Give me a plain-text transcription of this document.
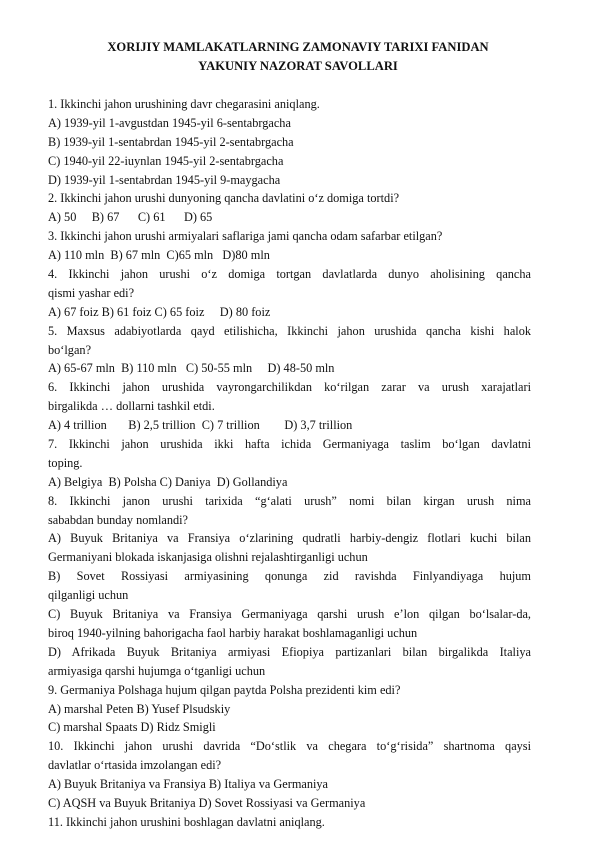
XORIJIY MAMLAKATLARNING ZAMONAVIY TARIXI FANIDAN
YAKUNIY NAZORAT SAVOLLARI
1. Ikkinchi jahon urushining davr chegarasini aniqlang.
A) 1939-yil 1-avgustdan 1945-yil 6-sentabrgacha
B) 1939-yil 1-sentabrdan 1945-yil 2-sentabrgacha
C) 1940-yil 22-iuynlan 1945-yil 2-sentabrgacha
D) 1939-yil 1-sentabrdan 1945-yil 9-maygacha
2. Ikkinchi jahon urushi dunyoning qancha davlatini o‘z domiga tortdi?
A) 50     B) 67      C) 61      D) 65
3. Ikkinchi jahon urushi armiyalari saflariga jami qancha odam safarbar etilgan?
A) 110 mln  B) 67 mln  C)65 mln   D)80 mln
4. Ikkinchi jahon urushi o‘z domiga tortgan davlatlarda dunyo aholisining qancha
qismi yashar edi?
A) 67 foiz B) 61 foiz C) 65 foiz     D) 80 foiz
5. Maxsus adabiyotlarda qayd etilishicha, Ikkinchi jahon urushida qancha kishi halok
bo‘lgan?
A) 65-67 mln  B) 110 mln   C) 50-55 mln     D) 48-50 mln
6. Ikkinchi jahon urushida vayrongarchilikdan ko‘rilgan zarar va urush xarajatlari
birgalikda … dollarni tashkil etdi.
A) 4 trillion       B) 2,5 trillion  C) 7 trillion        D) 3,7 trillion
7. Ikkinchi jahon urushida ikki hafta ichida Germaniyaga taslim bo‘lgan davlatni
toping.
A) Belgiya  B) Polsha C) Daniya  D) Gollandiya
8. Ikkinchi janon urushi tarixida “g‘alati urush” nomi bilan kirgan urush nima
sababdan bunday nomlandi?
A) Buyuk Britaniya va Fransiya o‘zlarining qudratli harbiy-dengiz flotlari kuchi bilan
Germaniyani blokada iskanjasiga olishni rejalashtirganligi uchun
B) Sovet Rossiyasi armiyasining qonunga zid ravishda Finlyandiyaga hujum
qilganligi uchun
C) Buyuk Britaniya va Fransiya Germaniyaga qarshi urush e’lon qilgan bo‘lsalar-da,
biroq 1940-yilning bahorigacha faol harbiy harakat boshlamaganligi uchun
D) Afrikada Buyuk Britaniya armiyasi Efiopiya partizanlari bilan birgalikda Italiya
armiyasiga qarshi hujumga o‘tganligi uchun
9. Germaniya Polshaga hujum qilgan paytda Polsha prezidenti kim edi?
A) marshal Peten B) Yusef Plsudskiy
C) marshal Spaats D) Ridz Smigli
10. Ikkinchi jahon urushi davrida “Do‘stlik va chegara to‘g‘risida” shartnoma qaysi
davlatlar o‘rtasida imzolangan edi?
A) Buyuk Britaniya va Fransiya B) Italiya va Germaniya
C) AQSH va Buyuk Britaniya D) Sovet Rossiyasi va Germaniya
11. Ikkinchi jahon urushini boshlagan davlatni aniqlang.
